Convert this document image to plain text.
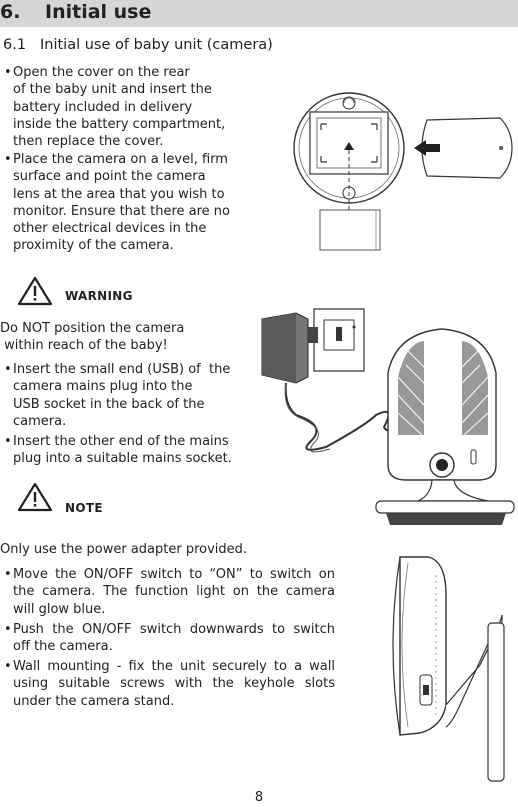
6. Initial use
6.1 Initial use of baby unit (camera)
• Open the cover on the rear
of the baby unit and insert the
battery included in delivery
inside the battery compartment,
then replace the cover.
• Place the camera on a level, firm
surface and point the camera
lens at the area that you wish to
monitor. Ensure that there are no
other electrical devices in the
proximity of the camera.
WARNING
Do NOT position the camera
within reach of the baby!
• Insert the small end (USB) of  the
camera mains plug into the
USB socket in the back of the
camera.
• Insert the other end of the mains
plug into a suitable mains socket.
NOTE
Only use the power adapter provided.
• Move the ON/OFF switch to “ON” to switch on
the camera. The function light on the camera
will glow blue.
• Push the ON/OFF switch downwards to switch
off the camera.
• Wall mounting - fix the unit securely to a wall
using suitable screws with the keyhole slots
under the camera stand.
8
